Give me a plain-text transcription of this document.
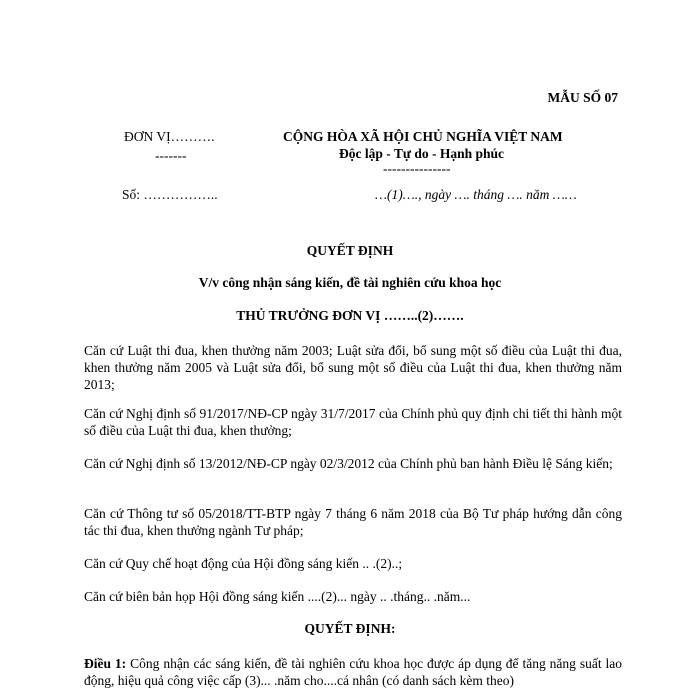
MẪU SỐ 07
ĐƠN VỊ……….
-------
Số: ……………..
CỘNG HÒA XÃ HỘI CHỦ NGHĨA VIỆT NAM
Độc lập - Tự do - Hạnh phúc
---------------
…(1)…., ngày …. tháng …. năm ……
QUYẾT ĐỊNH
V/v công nhận sáng kiến, đề tài nghiên cứu khoa học
THỦ TRƯỞNG ĐƠN VỊ ……..(2)…….
Căn cứ Luật thi đua, khen thưởng năm 2003; Luật sửa đổi, bổ sung một số điều của Luật thi đua, khen thưởng năm 2005 và Luật sửa đổi, bổ sung một số điều của Luật thi đua, khen thưởng năm 2013;
Căn cứ Nghị định số 91/2017/NĐ-CP ngày 31/7/2017 của Chính phủ quy định chi tiết thi hành một số điều của Luật thi đua, khen thưởng;
Căn cứ Nghị định số 13/2012/NĐ-CP ngày 02/3/2012 của Chính phủ ban hành Điều lệ Sáng kiến;
Căn cứ Thông tư số 05/2018/TT-BTP ngày 7 tháng 6 năm 2018 của Bộ Tư pháp hướng dẫn công tác thi đua, khen thưởng ngành Tư pháp;
Căn cứ Quy chế hoạt động của Hội đồng sáng kiến .. .(2)..;
Căn cứ biên bản họp Hội đồng sáng kiến ....(2)... ngày .. .tháng.. .năm...
QUYẾT ĐỊNH:
Điều 1: Công nhận các sáng kiến, đề tài nghiên cứu khoa học được áp dụng để tăng năng suất lao động, hiệu quả công việc cấp (3)... .năm cho....cá nhân (có danh sách kèm theo)
